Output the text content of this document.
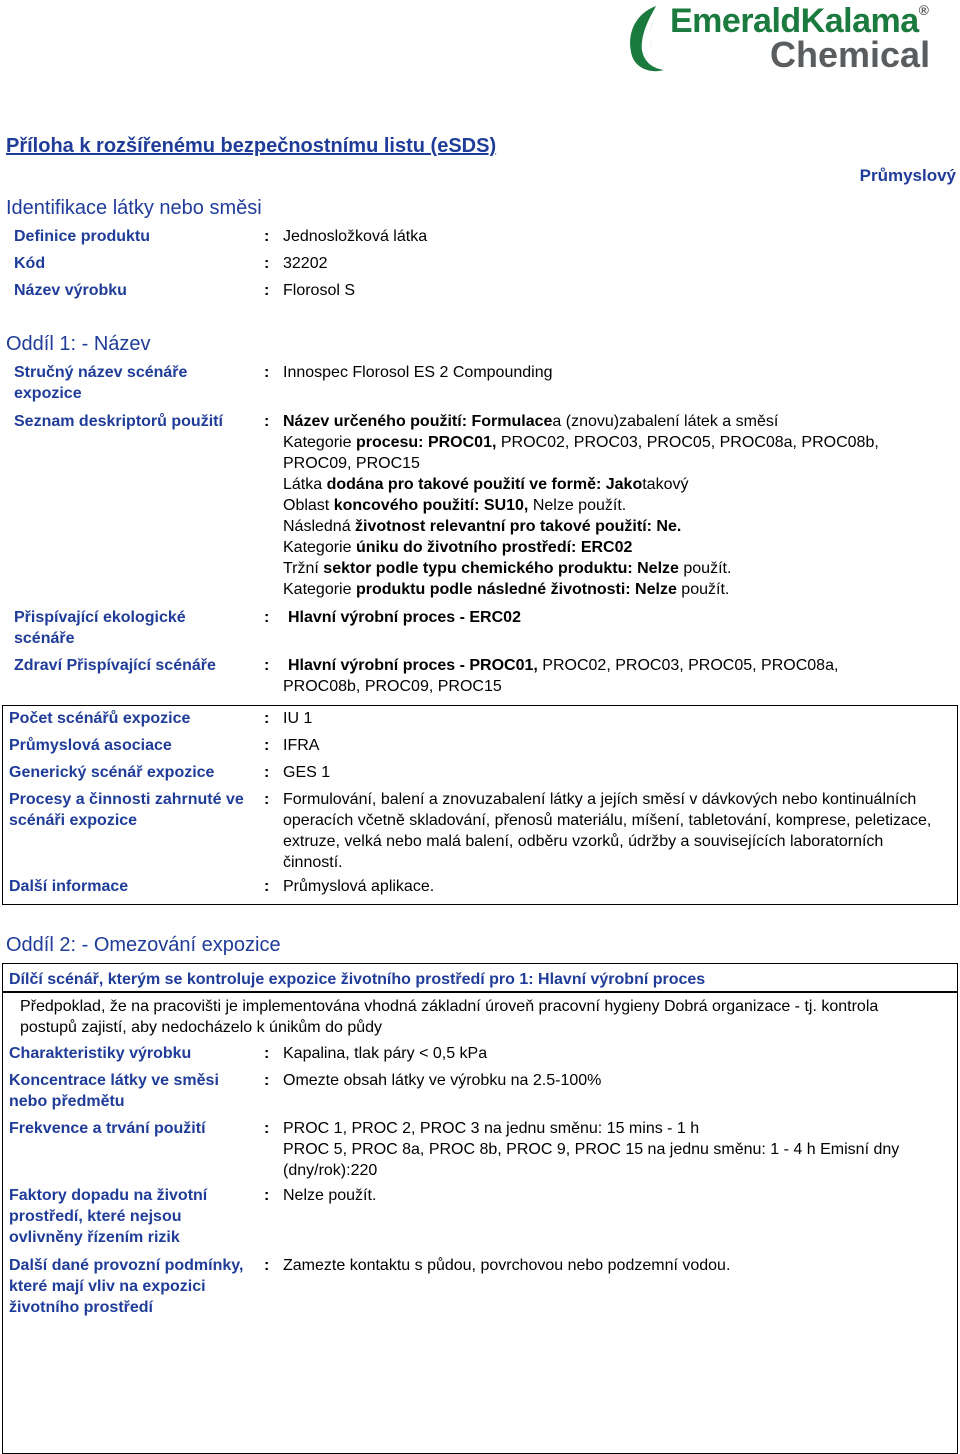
EmeraldKalama®
Chemical
Příloha k rozšířenému bezpečnostnímu listu (eSDS)
Průmyslový
Identifikace látky nebo směsi
Definice produktu	: Jednosložková látka
Kód	: 32202
Název výrobku	: Florosol S
Oddíl 1: - Název
Stručný název scénáře expozice
: Innospec Florosol ES 2 Compounding
Seznam deskriptorů použití	: Název určeného použití: Formulacea (znovu)zabalení látek a směsí
Kategorie procesu: PROC01, PROC02, PROC03, PROC05, PROC08a, PROC08b,
PROC09, PROC15
Látka dodána pro takové použití ve formě: Jakotakový
Oblast koncového použití: SU10, Nelze použít.
Následná životnost relevantní pro takové použití: Ne.
Kategorie úniku do životního prostředí: ERC02
Tržní sektor podle typu chemického produktu: Nelze použít.
Kategorie produktu podle následné životnosti: Nelze použít.
Přispívající ekologické scénáře
: Hlavní výrobní proces - ERC02
Zdraví Přispívající scénáře	:	Hlavní výrobní proces - PROC01, PROC02, PROC03, PROC05, PROC08a,
PROC08b, PROC09, PROC15
Počet scénářů expozice	: IU 1
Průmyslová asociace	: IFRA
Generický scénář expozice	: GES 1
Procesy a činnosti zahrnuté ve scénáři expozice
: Formulování, balení a znovuzabalení látky a jejích směsí v dávkových nebo kontinuálních operacích včetně skladování, přenosů materiálu, míšení, tabletování, komprese, peletizace, extruze, velká nebo malá balení, odběru vzorků, údržby a souvisejících laboratorních činností.
Další informace	: Průmyslová aplikace.
Oddíl 2: - Omezování expozice
Dílčí scénář, kterým se kontroluje expozice životního prostředí pro 1: Hlavní výrobní proces
Předpoklad, že na pracovišti je implementována vhodná základní úroveň pracovní hygieny Dobrá organizace - tj. kontrola postupů zajistí, aby nedocházelo k únikům do půdy
Charakteristiky výrobku	: Kapalina, tlak páry < 0,5 kPa
Koncentrace látky ve směsi nebo předmětu
: Omezte obsah látky ve výrobku na 2.5-100%
Frekvence a trvání použití	: PROC 1, PROC 2, PROC 3 na jednu směnu: 15 mins - 1 h
PROC 5, PROC 8a, PROC 8b, PROC 9, PROC 15 na jednu směnu: 1 - 4 h Emisní dny (dny/rok):220
Faktory dopadu na životní prostředí, které nejsou ovlivněny řízením rizik
: Nelze použít.
Další dané provozní podmínky, které mají vliv na expozici životního prostředí
: Zamezte kontaktu s půdou, povrchovou nebo podzemní vodou.
